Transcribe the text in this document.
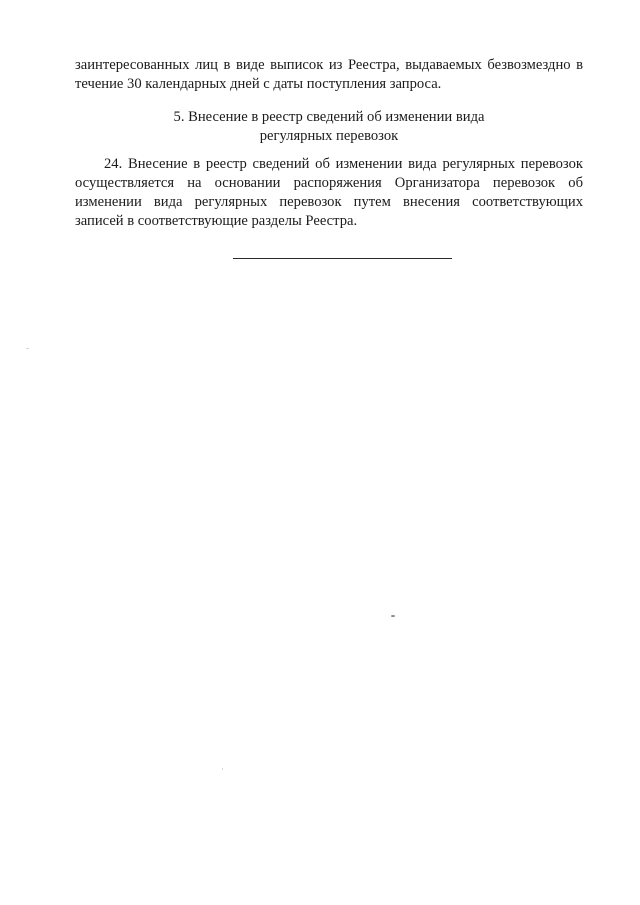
заинтересованных лиц в виде выписок из Реестра, выдаваемых безвозмездно в
течение 30 календарных дней с даты поступления запроса.
5. Внесение в реестр сведений об изменении вида
регулярных перевозок
24. Внесение в реестр сведений об изменении вида регулярных перевозок осуществляется на основании распоряжения Организатора перевозок об изменении вида регулярных перевозок путем внесения соответствующих записей в соответствующие разделы Реестра.
